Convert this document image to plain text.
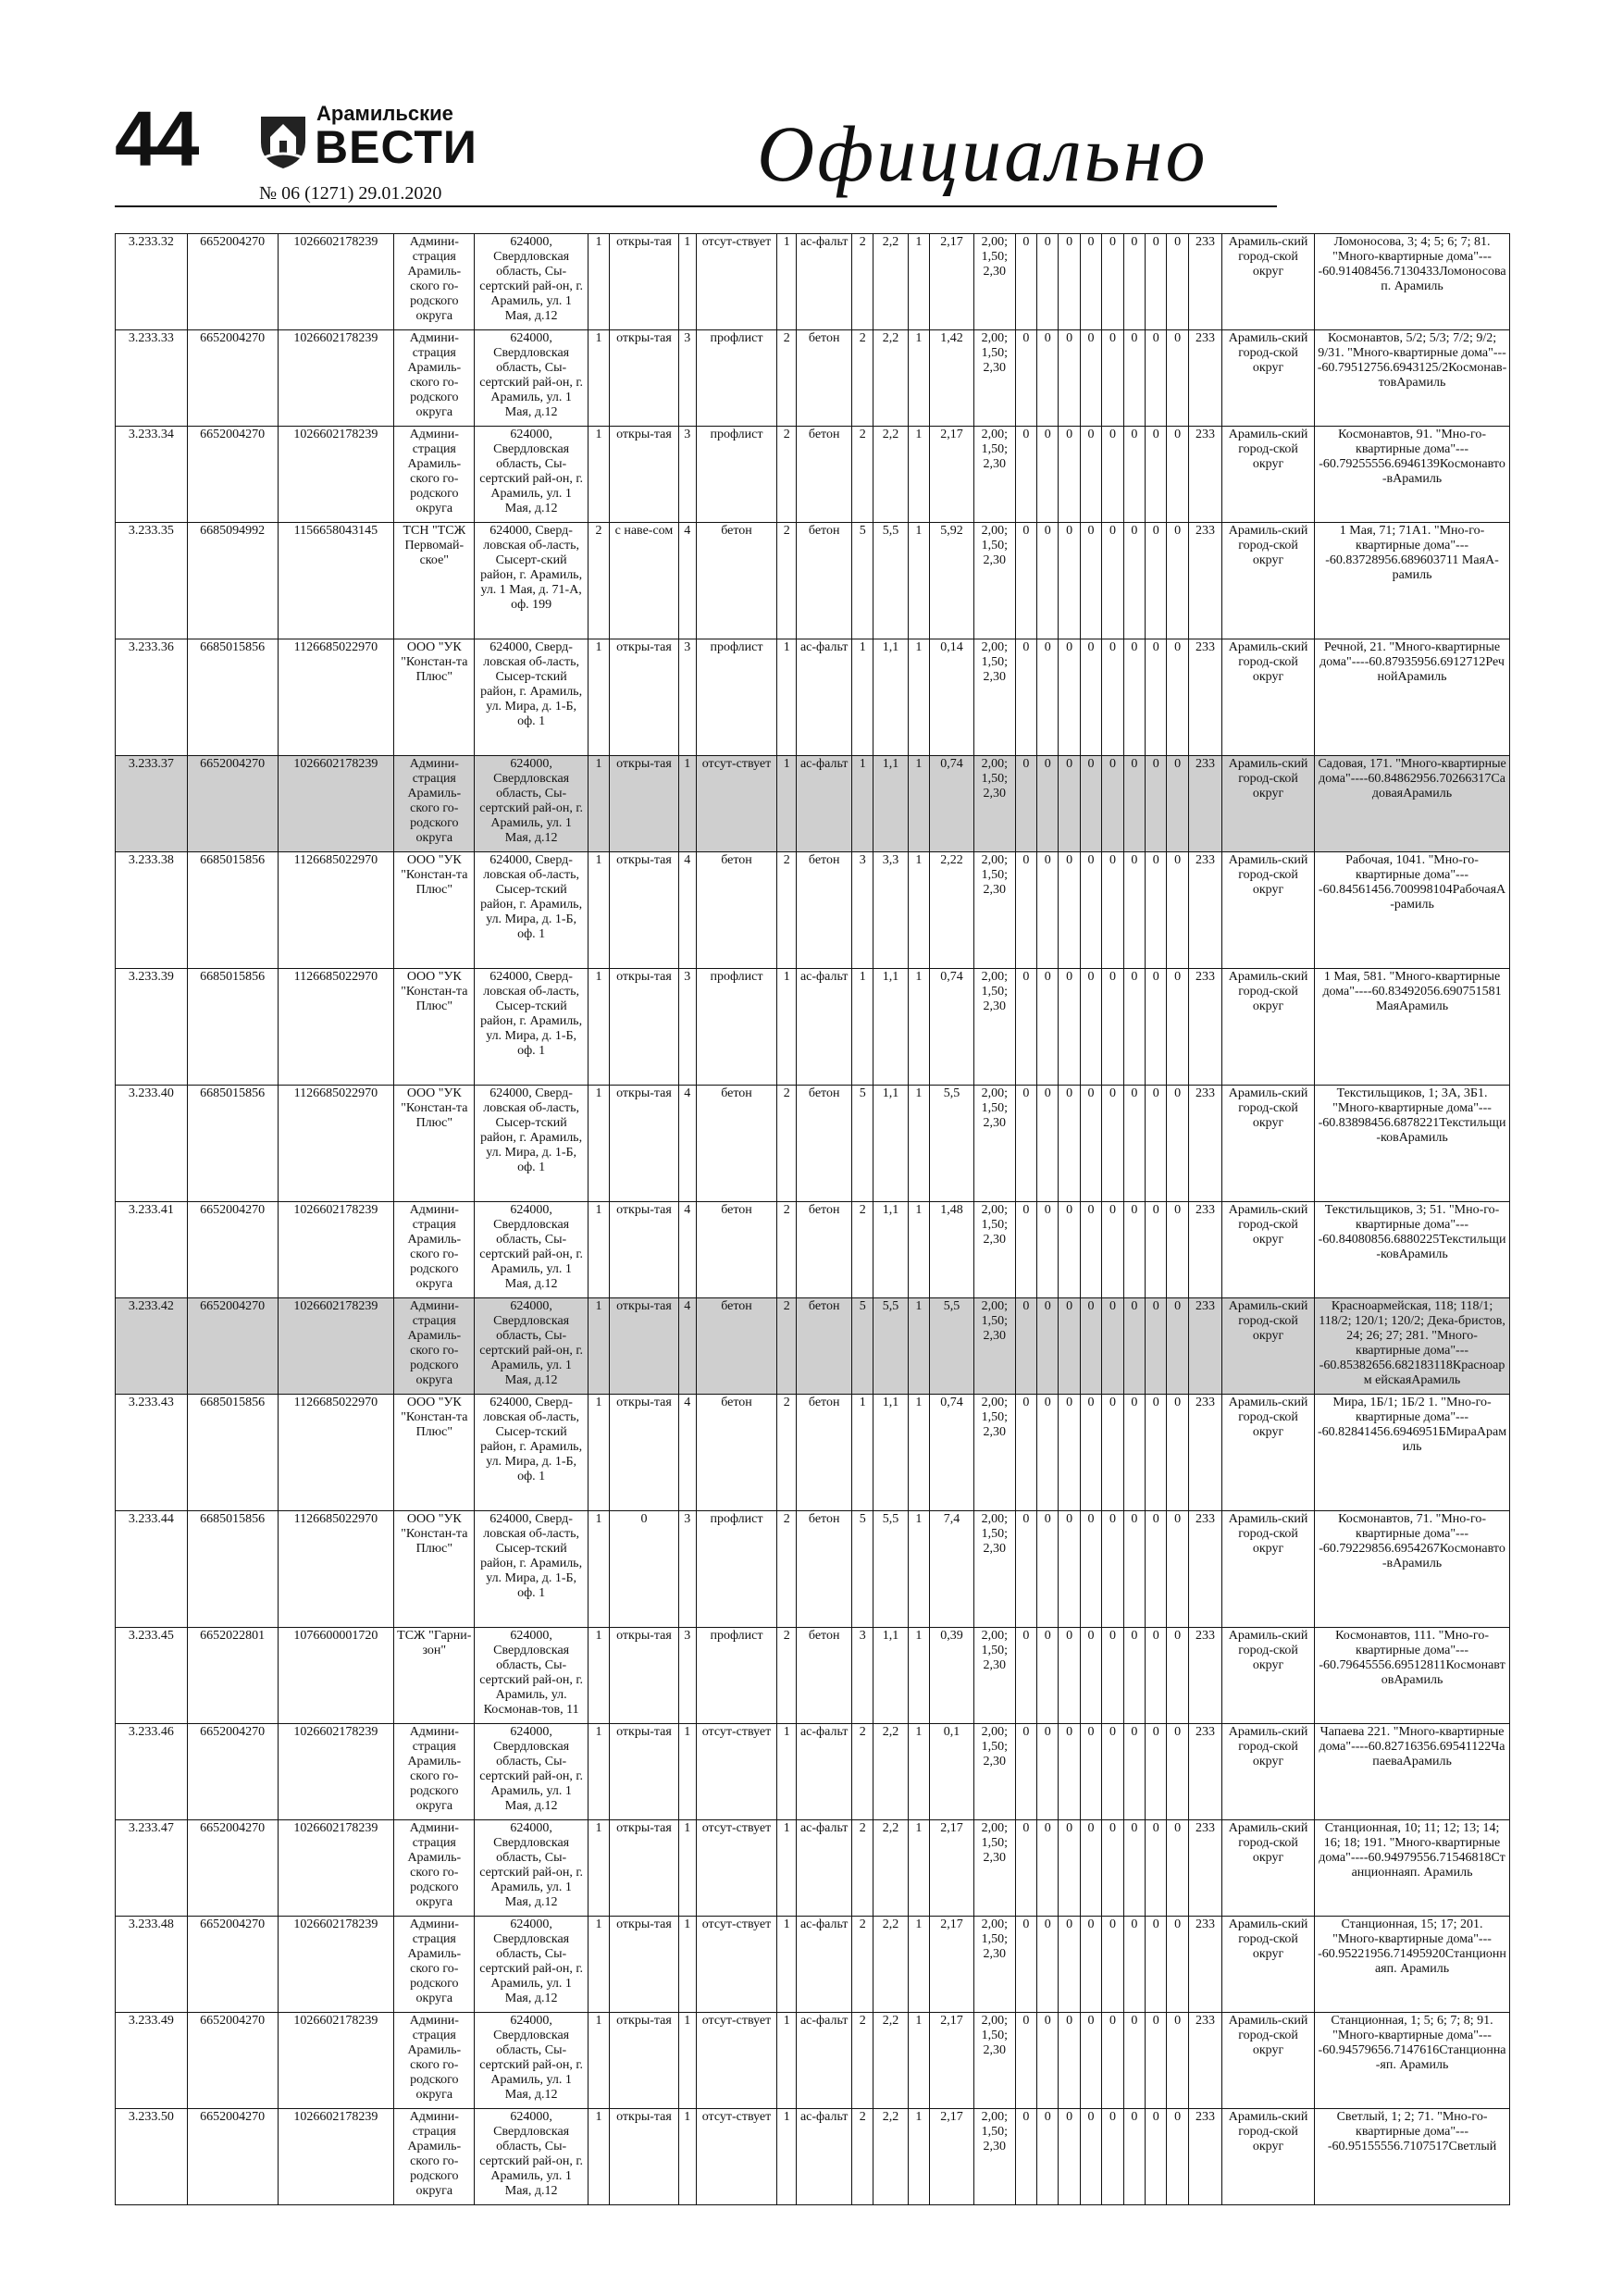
44	Арамильские
ВЕСТИ
№ 06 (1271) 29.01.2020	Официально
3.233.32	6652004270	1026602178239	Админи-страция Арамиль-ского го-родского округа	624000, Свердловская область, Сы-сертский рай-он, г. Арамиль, ул. 1 Мая, д.12	1	откры-тая	1	отсут-ствует	1	ас-фальт	2	2,2	1	2,17	2,00; 1,50; 2,30	0	0	0	0	0	0	0	0	233	Арамиль-ский город-ской округ	Ломоносова, 3; 4; 5; 6; 7; 81. "Много-квартирные дома"----60.91408456.7130433Ломоносовап. Арамиль
3.233.33	6652004270	1026602178239	Админи-страция Арамиль-ского го-родского округа	624000, Свердловская область, Сы-сертский рай-он, г. Арамиль, ул. 1 Мая, д.12	1	откры-тая	3	профлист	2	бетон	2	2,2	1	1,42	2,00; 1,50; 2,30	0	0	0	0	0	0	0	0	233	Арамиль-ский город-ской округ	Космонавтов, 5/2; 5/3; 7/2; 9/2; 9/31. "Много-квартирные дома"----60.79512756.6943125/2Космонав-товАрамиль
3.233.34	6652004270	1026602178239	Админи-страция Арамиль-ского го-родского округа	624000, Свердловская область, Сы-сертский рай-он, г. Арамиль, ул. 1 Мая, д.12	1	откры-тая	3	профлист	2	бетон	2	2,2	1	2,17	2,00; 1,50; 2,30	0	0	0	0	0	0	0	0	233	Арамиль-ский город-ской округ	Космонавтов, 91. "Мно-го-квартирные дома"----60.79255556.6946139Космонавто-вАрамиль
3.233.35	6685094992	1156658043145	ТСН "ТСЖ Первомай-ское"	624000, Сверд-ловская об-ласть, Сысерт-ский район, г. Арамиль, ул. 1 Мая, д. 71-А, оф. 199	2	с наве-сом	4	бетон	2	бетон	5	5,5	1	5,92	2,00; 1,50; 2,30	0	0	0	0	0	0	0	0	233	Арамиль-ский город-ской округ	1 Мая, 71; 71А1. "Мно-го-квартирные дома"----60.83728956.689603711 МаяА-рамиль
3.233.36	6685015856	1126685022970	ООО "УК "Констан-та Плюс"	624000, Сверд-ловская об-ласть, Сысер-тский район, г. Арамиль, ул. Мира, д. 1-Б, оф. 1	1	откры-тая	3	профлист	1	ас-фальт	1	1,1	1	0,14	2,00; 1,50; 2,30	0	0	0	0	0	0	0	0	233	Арамиль-ский город-ской округ	Речной, 21. "Много-квартирные дома"----60.87935956.6912712Реч нойАрамиль
3.233.37	6652004270	1026602178239	Админи-страция Арамиль-ского го-родского округа	624000, Свердловская область, Сы-сертский рай-он, г. Арамиль, ул. 1 Мая, д.12	1	откры-тая	1	отсут-ствует	1	ас-фальт	1	1,1	1	0,74	2,00; 1,50; 2,30	0	0	0	0	0	0	0	0	233	Арамиль-ский город-ской округ	Садовая, 171. "Много-квартирные дома"----60.84862956.70266317Са доваяАрамиль
3.233.38	6685015856	1126685022970	ООО "УК "Констан-та Плюс"	624000, Сверд-ловская об-ласть, Сысер-тский район, г. Арамиль, ул. Мира, д. 1-Б, оф. 1	1	откры-тая	4	бетон	2	бетон	3	3,3	1	2,22	2,00; 1,50; 2,30	0	0	0	0	0	0	0	0	233	Арамиль-ский город-ской округ	Рабочая, 1041. "Мно-го-квартирные дома"----60.84561456.700998104РабочаяА-рамиль
3.233.39	6685015856	1126685022970	ООО "УК "Констан-та Плюс"	624000, Сверд-ловская об-ласть, Сысер-тский район, г. Арамиль, ул. Мира, д. 1-Б, оф. 1	1	откры-тая	3	профлист	1	ас-фальт	1	1,1	1	0,74	2,00; 1,50; 2,30	0	0	0	0	0	0	0	0	233	Арамиль-ский город-ской округ	1 Мая, 581. "Много-квартирные дома"----60.83492056.690751581 МаяАрамиль
3.233.40	6685015856	1126685022970	ООО "УК "Констан-та Плюс"	624000, Сверд-ловская об-ласть, Сысер-тский район, г. Арамиль, ул. Мира, д. 1-Б, оф. 1	1	откры-тая	4	бетон	2	бетон	5	1,1	1	5,5	2,00; 1,50; 2,30	0	0	0	0	0	0	0	0	233	Арамиль-ский город-ской округ	Текстильщиков, 1; 3А, 3Б1. "Много-квартирные дома"----60.83898456.6878221Текстильщи-ковАрамиль
3.233.41	6652004270	1026602178239	Админи-страция Арамиль-ского го-родского округа	624000, Свердловская область, Сы-сертский рай-он, г. Арамиль, ул. 1 Мая, д.12	1	откры-тая	4	бетон	2	бетон	2	1,1	1	1,48	2,00; 1,50; 2,30	0	0	0	0	0	0	0	0	233	Арамиль-ский город-ской округ	Текстильщиков, 3; 51. "Мно-го-квартирные дома"----60.84080856.6880225Текстильщи-ковАрамиль
3.233.42	6652004270	1026602178239	Админи-страция Арамиль-ского го-родского округа	624000, Свердловская область, Сы-сертский рай-он, г. Арамиль, ул. 1 Мая, д.12	1	откры-тая	4	бетон	2	бетон	5	5,5	1	5,5	2,00; 1,50; 2,30	0	0	0	0	0	0	0	0	233	Арамиль-ский город-ской округ	Красноармейская, 118; 118/1; 118/2; 120/1; 120/2; Дека-бристов, 24; 26; 27; 281. "Много-квартирные дома"----60.85382656.682183118Красноарм ейскаяАрамиль
3.233.43	6685015856	1126685022970	ООО "УК "Констан-та Плюс"	624000, Сверд-ловская об-ласть, Сысер-тский район, г. Арамиль, ул. Мира, д. 1-Б, оф. 1	1	откры-тая	4	бетон	2	бетон	1	1,1	1	0,74	2,00; 1,50; 2,30	0	0	0	0	0	0	0	0	233	Арамиль-ский город-ской округ	Мира, 1Б/1; 1Б/2 1. "Мно-го-квартирные дома"----60.82841456.6946951БМираАрамиль
3.233.44	6685015856	1126685022970	ООО "УК "Констан-та Плюс"	624000, Сверд-ловская об-ласть, Сысер-тский район, г. Арамиль, ул. Мира, д. 1-Б, оф. 1	1	0	3	профлист	2	бетон	5	5,5	1	7,4	2,00; 1,50; 2,30	0	0	0	0	0	0	0	0	233	Арамиль-ский город-ской округ	Космонавтов, 71. "Мно-го-квартирные дома"----60.79229856.6954267Космонавто-вАрамиль
3.233.45	6652022801	1076600001720	ТСЖ "Гарни-зон"	624000, Свердловская область, Сы-сертский рай-он, г. Арамиль, ул. Космонав-тов, 11	1	откры-тая	3	профлист	2	бетон	3	1,1	1	0,39	2,00; 1,50; 2,30	0	0	0	0	0	0	0	0	233	Арамиль-ский город-ской округ	Космонавтов, 111. "Мно-го-квартирные дома"----60.79645556.69512811Космонавт овАрамиль
3.233.46	6652004270	1026602178239	Админи-страция Арамиль-ского го-родского округа	624000, Свердловская область, Сы-сертский рай-он, г. Арамиль, ул. 1 Мая, д.12	1	откры-тая	1	отсут-ствует	1	ас-фальт	2	2,2	1	0,1	2,00; 1,50; 2,30	0	0	0	0	0	0	0	0	233	Арамиль-ский город-ской округ	Чапаева 221. "Много-квартирные дома"----60.82716356.69541122Ча паеваАрамиль
3.233.47	6652004270	1026602178239	Админи-страция Арамиль-ского го-родского округа	624000, Свердловская область, Сы-сертский рай-он, г. Арамиль, ул. 1 Мая, д.12	1	откры-тая	1	отсут-ствует	1	ас-фальт	2	2,2	1	2,17	2,00; 1,50; 2,30	0	0	0	0	0	0	0	0	233	Арамиль-ский город-ской округ	Станционная, 10; 11; 12; 13; 14; 16; 18; 191. "Много-квартирные дома"----60.94979556.71546818Ст анционнаяп. Арамиль
3.233.48	6652004270	1026602178239	Админи-страция Арамиль-ского го-родского округа	624000, Свердловская область, Сы-сертский рай-он, г. Арамиль, ул. 1 Мая, д.12	1	откры-тая	1	отсут-ствует	1	ас-фальт	2	2,2	1	2,17	2,00; 1,50; 2,30	0	0	0	0	0	0	0	0	233	Арамиль-ский город-ской округ	Станционная, 15; 17; 201. "Много-квартирные дома"----60.95221956.71495920Станционн аяп. Арамиль
3.233.49	6652004270	1026602178239	Админи-страция Арамиль-ского го-родского округа	624000, Свердловская область, Сы-сертский рай-он, г. Арамиль, ул. 1 Мая, д.12	1	откры-тая	1	отсут-ствует	1	ас-фальт	2	2,2	1	2,17	2,00; 1,50; 2,30	0	0	0	0	0	0	0	0	233	Арамиль-ский город-ской округ	Станционная, 1; 5; 6; 7; 8; 91. "Много-квартирные дома"----60.94579656.7147616Станционна-яп. Арамиль
3.233.50	6652004270	1026602178239	Админи-страция Арамиль-ского го-родского округа	624000, Свердловская область, Сы-сертский рай-он, г. Арамиль, ул. 1 Мая, д.12	1	откры-тая	1	отсут-ствует	1	ас-фальт	2	2,2	1	2,17	2,00; 1,50; 2,30	0	0	0	0	0	0	0	0	233	Арамиль-ский город-ской округ	Светлый, 1; 2; 71. "Мно-го-квартирные дома"----60.95155556.7107517Светлый
